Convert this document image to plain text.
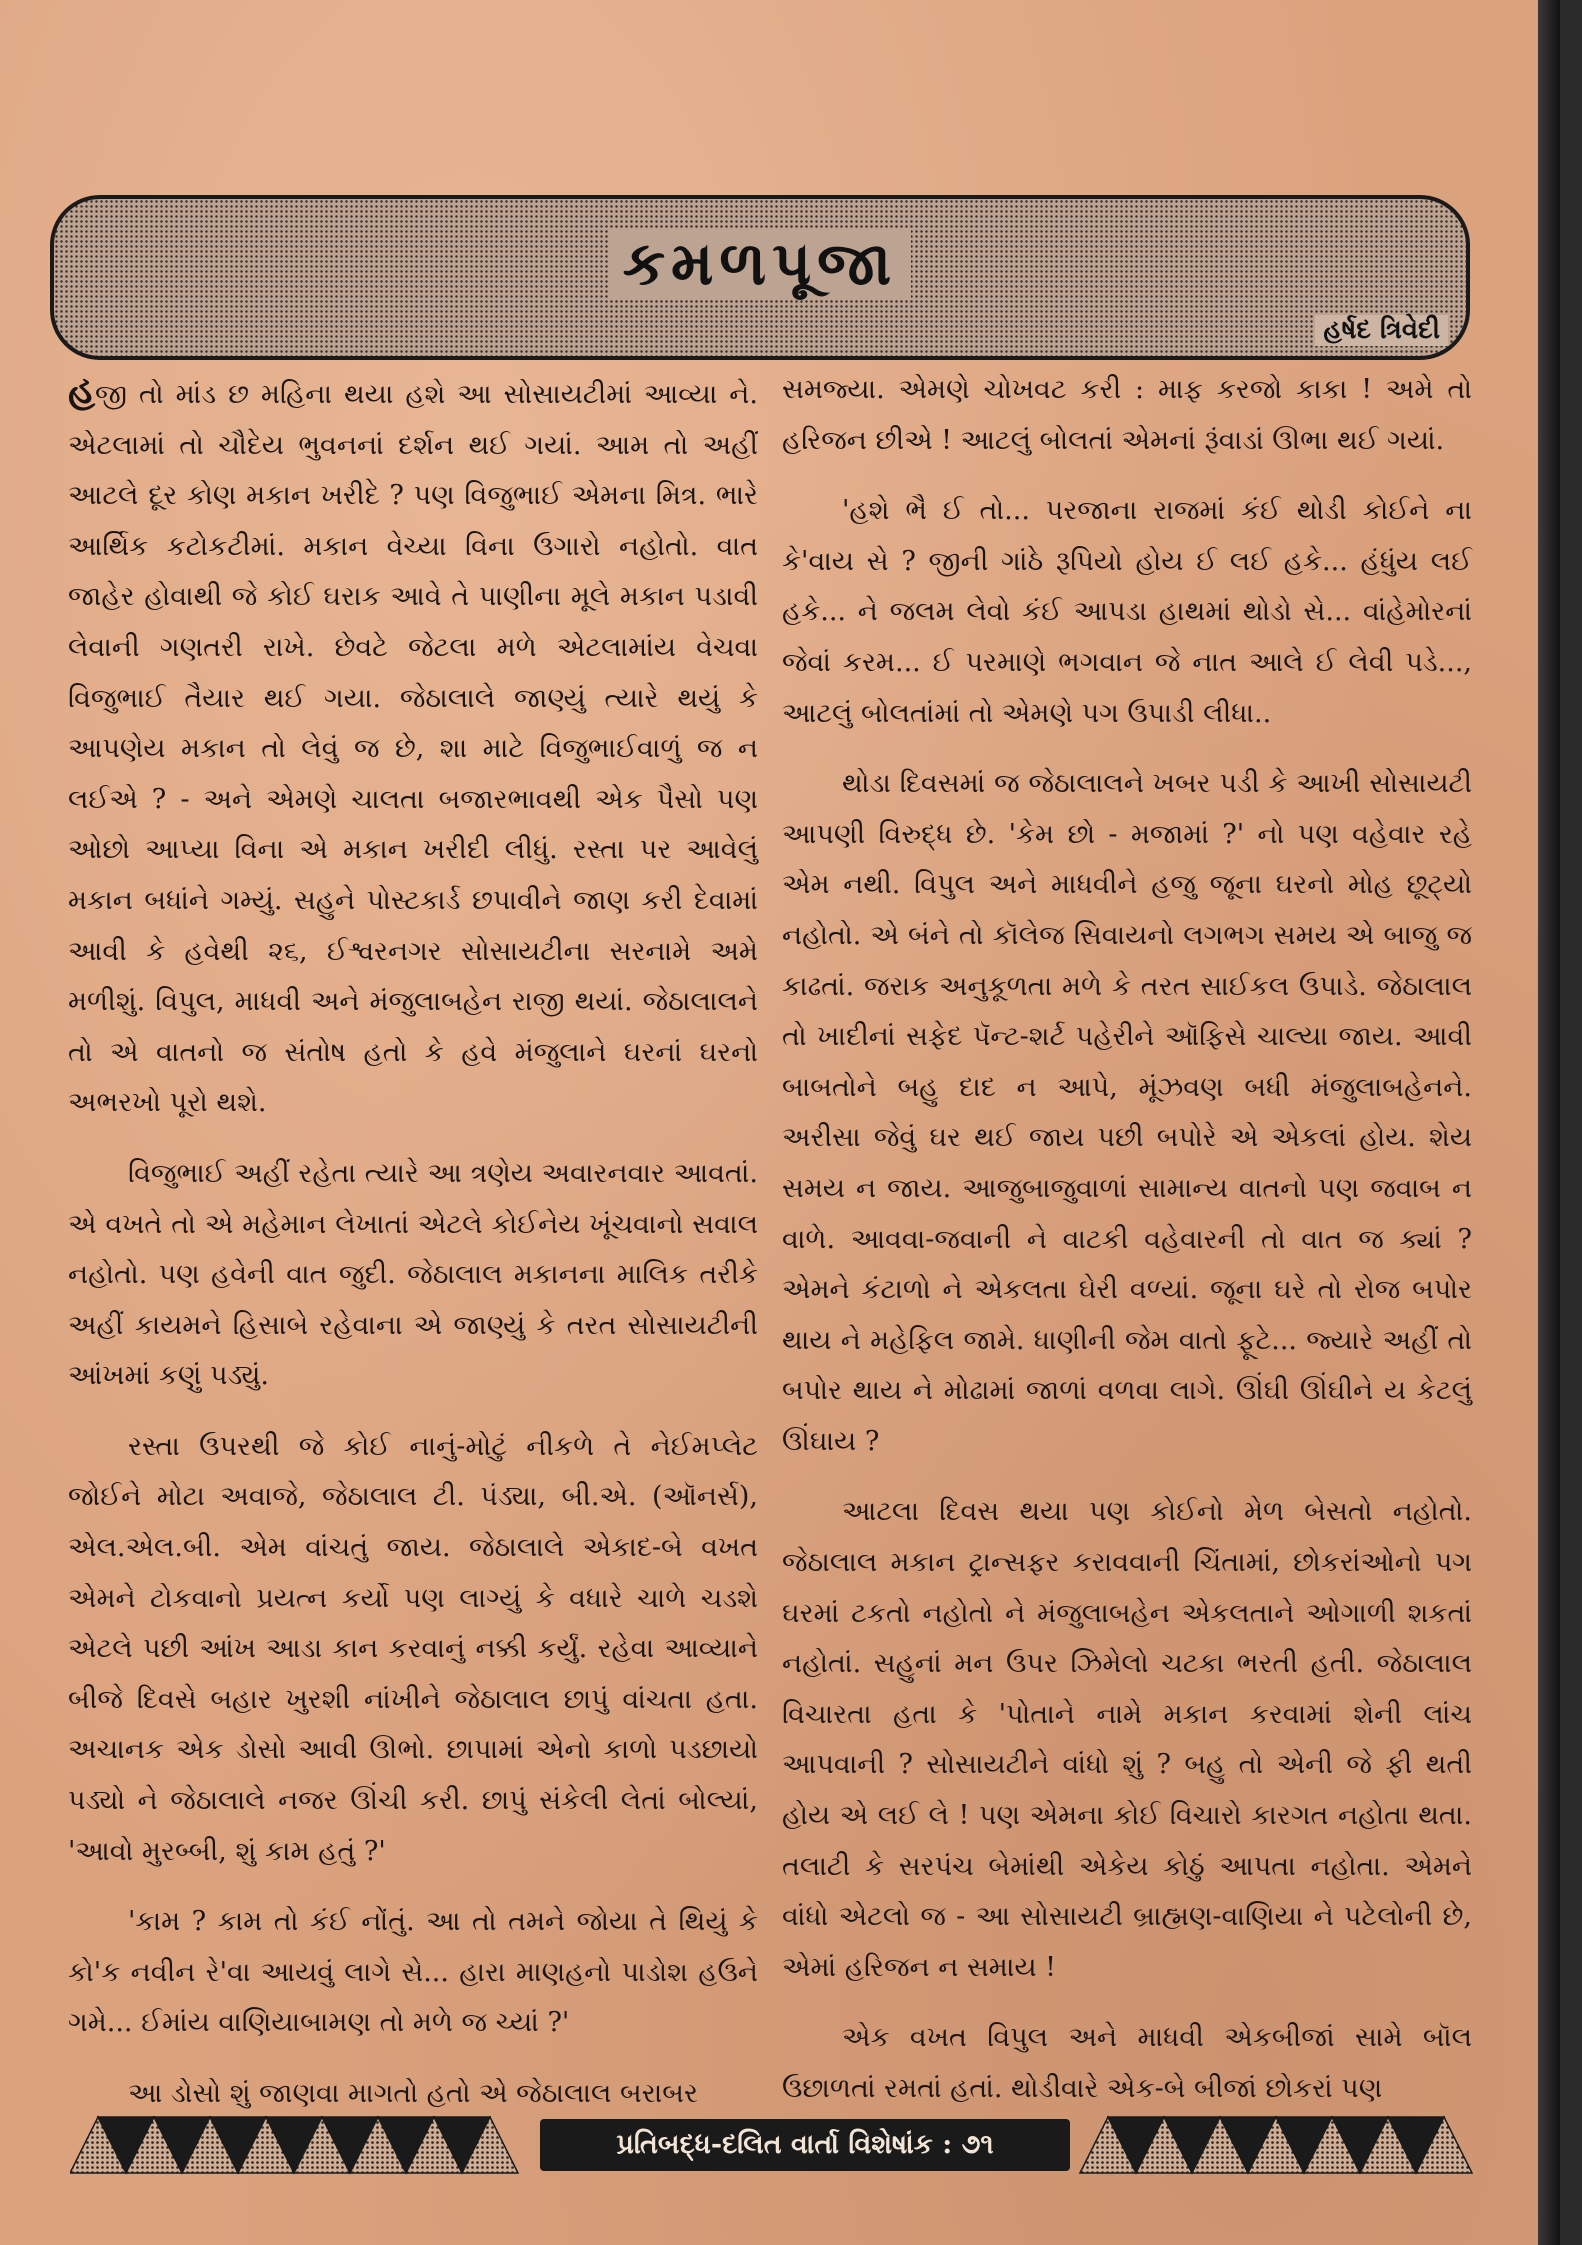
કમળપૂજા
હર્ષદ ત્રિવેદી

હજી તો માંડ છ મહિના થયા હશે આ સોસાયટીમાં આવ્યા ને. એટલામાં તો ચૌદેય ભુવનનાં દર્શન થઈ ગયાં. આમ તો અહીં આટલે દૂર કોણ મકાન ખરીદે ? પણ વિજુભાઈ એમના મિત્ર. ભારે આર્થિક કટોકટીમાં. મકાન વેચ્યા વિના ઉગારો નહોતો. વાત જાહેર હોવાથી જે કોઈ ઘરાક આવે તે પાણીના મૂલે મકાન પડાવી લેવાની ગણતરી રાખે. છેવટે જેટલા મળે એટલામાંય વેચવા વિજુભાઈ તૈયાર થઈ ગયા. જેઠાલાલે જાણ્યું ત્યારે થયું કે આપણેય મકાન તો લેવું જ છે, શા માટે વિજુભાઈવાળું જ ન લઈએ ? - અને એમણે ચાલતા બજારભાવથી એક પૈસો પણ ઓછો આપ્યા વિના એ મકાન ખરીદી લીધું. રસ્તા પર આવેલું મકાન બધાંને ગમ્યું. સહુને પોસ્ટકાર્ડ છપાવીને જાણ કરી દેવામાં આવી કે હવેથી ૨૬, ઈશ્વરનગર સોસાયટીના સરનામે અમે મળીશું. વિપુલ, માધવી અને મંજુલાબહેન રાજી થયાં. જેઠાલાલને તો એ વાતનો જ સંતોષ હતો કે હવે મંજુલાને ઘરનાં ઘરનો અભરખો પૂરો થશે.

વિજુભાઈ અહીં રહેતા ત્યારે આ ત્રણેય અવારનવાર આવતાં. એ વખતે તો એ મહેમાન લેખાતાં એટલે કોઈનેય ખૂંચવાનો સવાલ નહોતો. પણ હવેની વાત જુદી. જેઠાલાલ મકાનના માલિક તરીકે અહીં કાયમને હિસાબે રહેવાના એ જાણ્યું કે તરત સોસાયટીની આંખમાં કણું પડ્યું.

રસ્તા ઉપરથી જે કોઈ નાનું-મોટું નીકળે તે નેઈમપ્લેટ જોઈને મોટા અવાજે, જેઠાલાલ ટી. પંડ્યા, બી.એ. (ઑનર્સ), એલ.એલ.બી. એમ વાંચતું જાય. જેઠાલાલે એકાદ-બે વખત એમને ટોકવાનો પ્રયત્ન કર્યો પણ લાગ્યું કે વધારે ચાળે ચડશે એટલે પછી આંખ આડા કાન કરવાનું નક્કી કર્યું. રહેવા આવ્યાને બીજે દિવસે બહાર ખુરશી નાંખીને જેઠાલાલ છાપું વાંચતા હતા. અચાનક એક ડોસો આવી ઊભો. છાપામાં એનો કાળો પડછાયો પડ્યો ને જેઠાલાલે નજર ઊંચી કરી. છાપું સંકેલી લેતાં બોલ્યાં, 'આવો મુરબ્બી, શું કામ હતું ?'

'કામ ? કામ તો કંઈ નોંતું. આ તો તમને જોયા તે થિયું કે કો'ક નવીન રે'વા આયવું લાગે સે... હારા માણહનો પાડોશ હઉને ગમે... ઈમાંય વાણિયાબામણ તો મળે જ ચ્યાં ?'

આ ડોસો શું જાણવા માગતો હતો એ જેઠાલાલ બરાબર

સમજ્યા. એમણે ચોખવટ કરી : માફ કરજો કાકા ! અમે તો હરિજન છીએ ! આટલું બોલતાં એમનાં રૂંવાડાં ઊભા થઈ ગયાં.

'હશે ભૈ ઈ તો... પરજાના રાજમાં કંઈ થોડી કોઈને ના કે'વાય સે ? જીની ગાંઠે રૂપિયો હોય ઈ લઈ હકે... હંધુંય લઈ હકે... ને જલમ લેવો કંઈ આપડા હાથમાં થોડો સે... વાંહેમોરનાં જેવાં કરમ... ઈ પરમાણે ભગવાન જે નાત આલે ઈ લેવી પડે..., આટલું બોલતાંમાં તો એમણે પગ ઉપાડી લીધા..

થોડા દિવસમાં જ જેઠાલાલને ખબર પડી કે આખી સોસાયટી આપણી વિરુદ્ધ છે. 'કેમ છો - મજામાં ?' નો પણ વહેવાર રહે એમ નથી. વિપુલ અને માધવીને હજુ જૂના ઘરનો મોહ છૂટ્યો નહોતો. એ બંને તો કૉલેજ સિવાયનો લગભગ સમય એ બાજુ જ કાઢતાં. જરાક અનુકૂળતા મળે કે તરત સાઈકલ ઉપાડે. જેઠાલાલ તો ખાદીનાં સફેદ પૅન્ટ-શર્ટ પહેરીને ઑફિસે ચાલ્યા જાય. આવી બાબતોને બહુ દાદ ન આપે, મૂંઝવણ બધી મંજુલાબહેનને. અરીસા જેવું ઘર થઈ જાય પછી બપોરે એ એકલાં હોય. શેય સમય ન જાય. આજુબાજુવાળાં સામાન્ય વાતનો પણ જવાબ ન વાળે. આવવા-જવાની ને વાટકી વહેવારની તો વાત જ ક્યાં ? એમને કંટાળો ને એકલતા ઘેરી વળ્યાં. જૂના ઘરે તો રોજ બપોર થાય ને મહેફિલ જામે. ધાણીની જેમ વાતો ફૂટે... જ્યારે અહીં તો બપોર થાય ને મોઢામાં જાળાં વળવા લાગે. ઊંઘી ઊંઘીને ય કેટલું ઊંઘાય ?

આટલા દિવસ થયા પણ કોઈનો મેળ બેસતો નહોતો. જેઠાલાલ મકાન ટ્રાન્સફર કરાવવાની ચિંતામાં, છોકરાંઓનો પગ ઘરમાં ટકતો નહોતો ને મંજુલાબહેન એકલતાને ઓગાળી શકતાં નહોતાં. સહુનાં મન ઉપર ઝિમેલો ચટકા ભરતી હતી. જેઠાલાલ વિચારતા હતા કે 'પોતાને નામે મકાન કરવામાં શેની લાંચ આપવાની ? સોસાયટીને વાંધો શું ? બહુ તો એની જે ફી થતી હોય એ લઈ લે ! પણ એમના કોઈ વિચારો કારગત નહોતા થતા. તલાટી કે સરપંચ બેમાંથી એકેય કોઠું આપતા નહોતા. એમને વાંધો એટલો જ - આ સોસાયટી બ્રાહ્મણ-વાણિયા ને પટેલોની છે, એમાં હરિજન ન સમાય !

એક વખત વિપુલ અને માધવી એકબીજાં સામે બૉલ ઉછાળતાં રમતાં હતાં. થોડીવારે એક-બે બીજાં છોકરાં પણ

પ્રતિબદ્ધ-દલિત વાર્તા વિશેષાંક : ૭૧
